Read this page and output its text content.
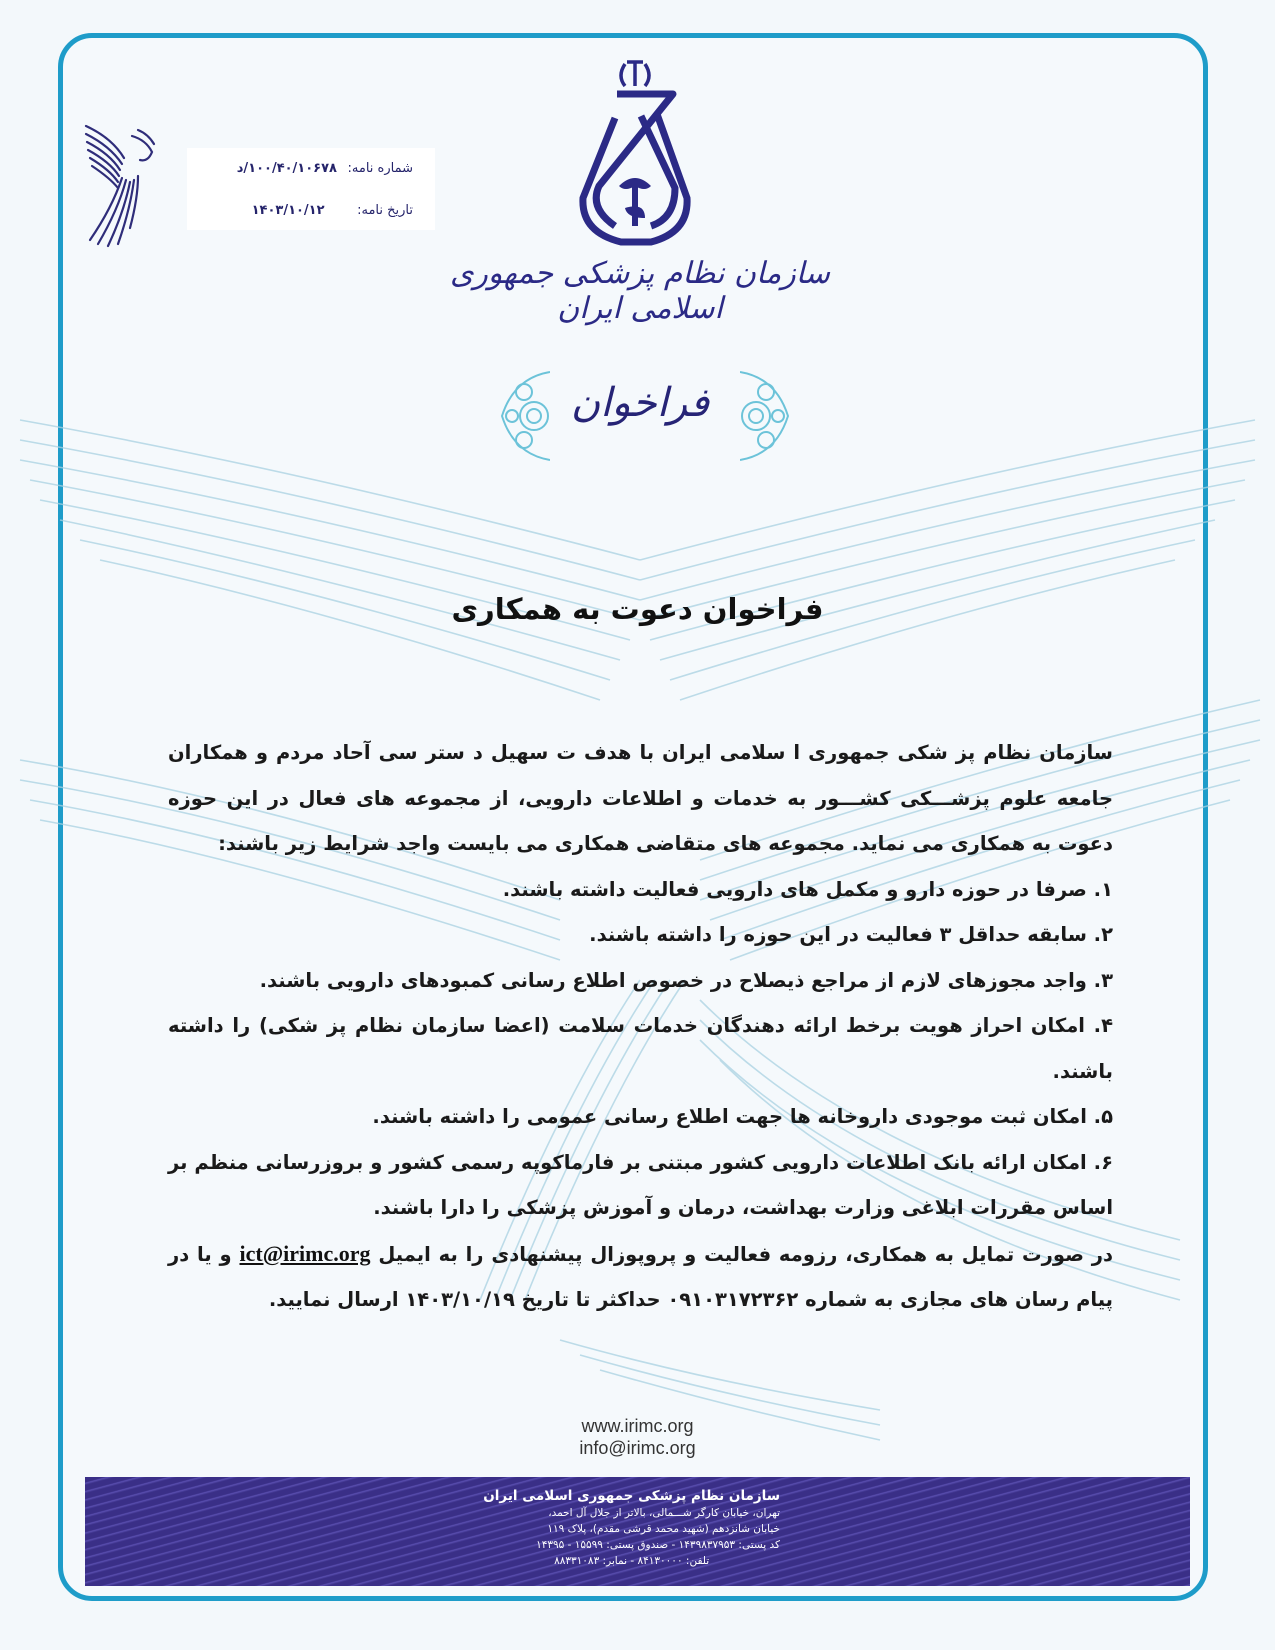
شماره نامه: ۱۰۰/۴۰/۱۰۶۷۸/د
تاریخ نامه: ۱۴۰۳/۱۰/۱۲
سازمان نظام پزشکی جمهوری اسلامی ایران
فراخوان
فراخوان دعوت به همکاری

سازمان نظام پز شکی جمهوری ا سلامی ایران با هدف ت سهیل د ستر سی آحاد مردم و همکاران جامعه علوم پزشـــکی کشـــور به خدمات و اطلاعات دارویی، از مجموعه های فعال در این حوزه دعوت به همکاری می نماید. مجموعه های متقاضی همکاری می بایست واجد شرایط زیر باشند:

۱. صرفا در حوزه دارو و مکمل های دارویی فعالیت داشته باشند.

۲. سابقه حداقل ۳ فعالیت در این حوزه را داشته باشند.

۳. واجد مجوزهای لازم از مراجع ذیصلاح در خصوص اطلاع رسانی کمبودهای دارویی باشند.

۴. امکان احراز هویت برخط ارائه دهندگان خدمات سلامت (اعضا سازمان نظام پز شکی) را داشته باشند.

۵. امکان ثبت موجودی داروخانه ها جهت اطلاع رسانی عمومی را داشته باشند.

۶. امکان ارائه بانک اطلاعات دارویی کشور مبتنی بر فارماکوپه رسمی کشور و بروزرسانی منظم بر اساس مقررات ابلاغی وزارت بهداشت، درمان و آموزش پزشکی را دارا باشند.

در صورت تمایل به همکاری، رزومه فعالیت و پروپوزال پیشنهادی را به ایمیل ict@irimc.org و یا در پیام رسان های مجازی به شماره ۰۹۱۰۳۱۷۲۳۶۲ حداکثر تا تاریخ ۱۴۰۳/۱۰/۱۹ ارسال نمایید.

www.irimc.org
info@irimc.org
سازمان نظام پزشکی جمهوری اسلامی ایران
تهران، خیابان کارگر شـــمالی، بالاتر از جلال آل احمد،
خیابان شانزدهم (شهید محمد قرشی مقدم)، پلاک ۱۱۹
کد پستی: ۱۴۳۹۸۳۷۹۵۳ - صندوق پستی: ۱۵۵۹۹ - ۱۴۳۹۵
تلفن: ۸۴۱۳۰۰۰۰ - نمابر: ۸۸۳۳۱۰۸۳
